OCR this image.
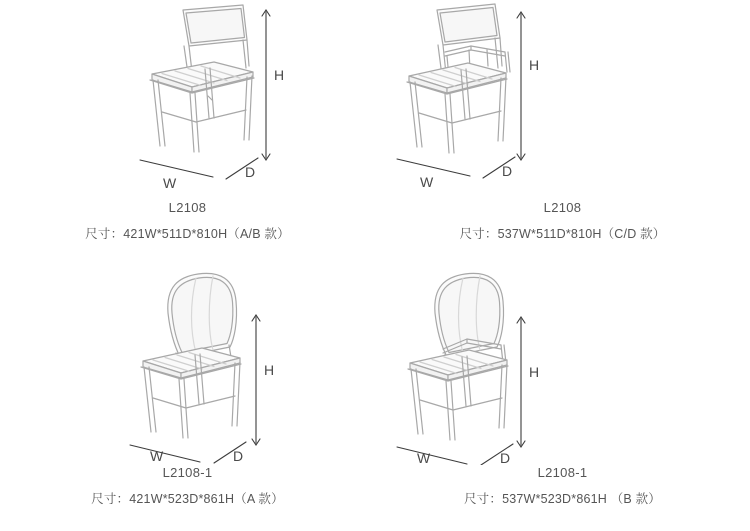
H
W
D
L2108
尺寸：421W*511D*810H（A/B 款）
H
W
D
L2108
尺寸：537W*511D*810H（C/D 款）
H
W	D
L2108-1
尺寸：421W*523D*861H（A 款）
H
W	D
L2108-1
尺寸：537W*523D*861H （B 款）
